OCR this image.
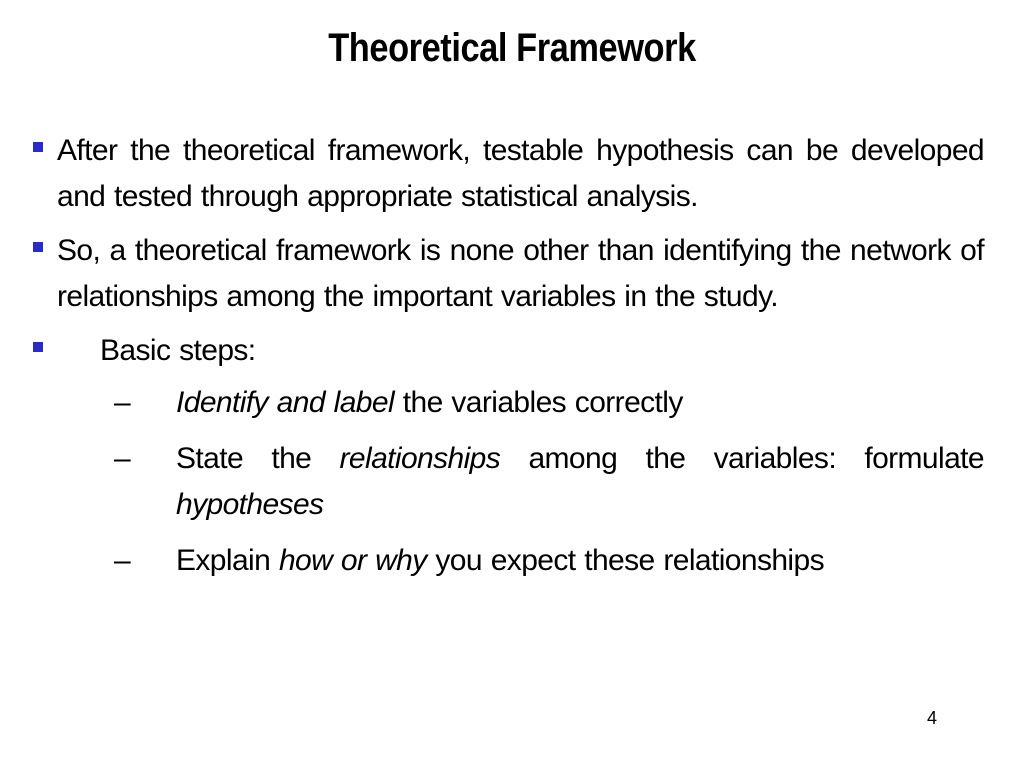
Theoretical Framework
After the theoretical framework, testable hypothesis can be developed and tested through appropriate statistical analysis.
So, a theoretical framework is none other than identifying the network of relationships among the important variables in the study.
Basic steps:
– Identify and label the variables correctly
– State the relationships among the variables: formulate hypotheses
– Explain how or why you expect these relationships
4
